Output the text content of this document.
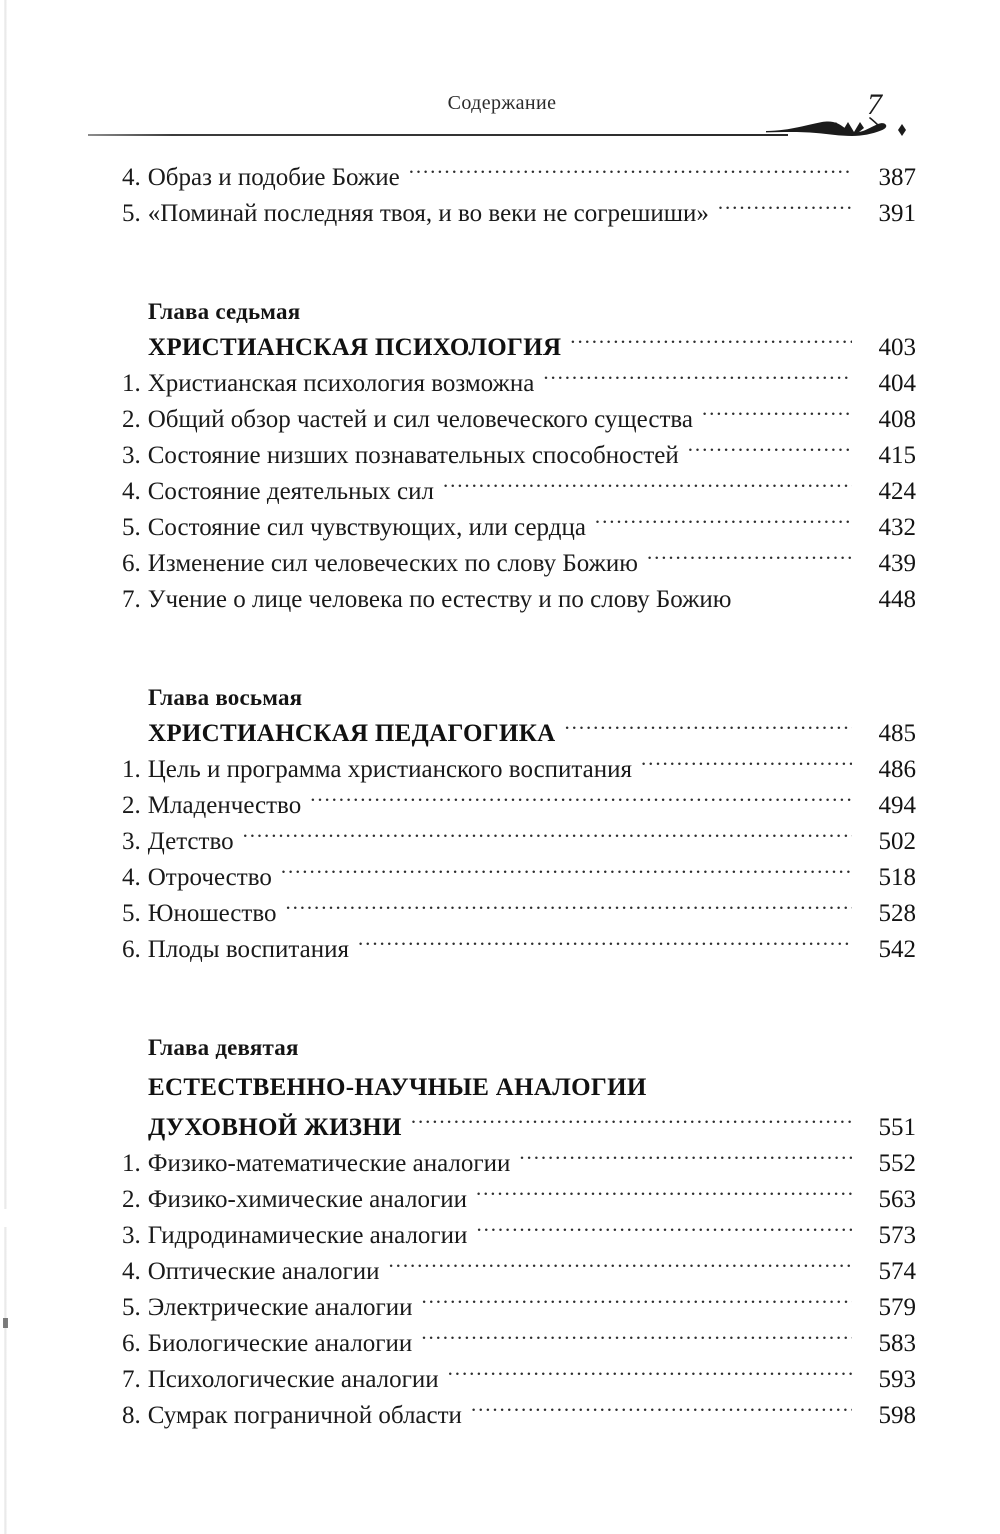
Содержание	7
4. Образ и подобие Божие .....	387
5. «Поминай последняя твоя, и во веки не согрешиши» .....	391
Глава седьмая
ХРИСТИАНСКАЯ ПСИХОЛОГИЯ .....	403
1. Христианская психология возможна .....	404
2. Общий обзор частей и сил человеческого существа .....	408
3. Состояние низших познавательных способностей .....	415
4. Состояние деятельных сил .....	424
5. Состояние сил чувствующих, или сердца .....	432
6. Изменение сил человеческих по слову Божию .....	439
7. Учение о лице человека по естеству и по слову Божию	448
Глава восьмая
ХРИСТИАНСКАЯ ПЕДАГОГИКА .....	485
1. Цель и программа христианского воспитания .....	486
2. Младенчество .....	494
3. Детство .....	502
4. Отрочество .....	518
5. Юношество .....	528
6. Плоды воспитания .....	542
Глава девятая
ЕСТЕСТВЕННО-НАУЧНЫЕ АНАЛОГИИ
ДУХОВНОЙ ЖИЗНИ .....	551
1. Физико-математические аналогии .....	552
2. Физико-химические аналогии .....	563
3. Гидродинамические аналогии .....	573
4. Оптические аналогии .....	574
5. Электрические аналогии .....	579
6. Биологические аналогии .....	583
7. Психологические аналогии .....	593
8. Сумрак пограничной области .....	598
